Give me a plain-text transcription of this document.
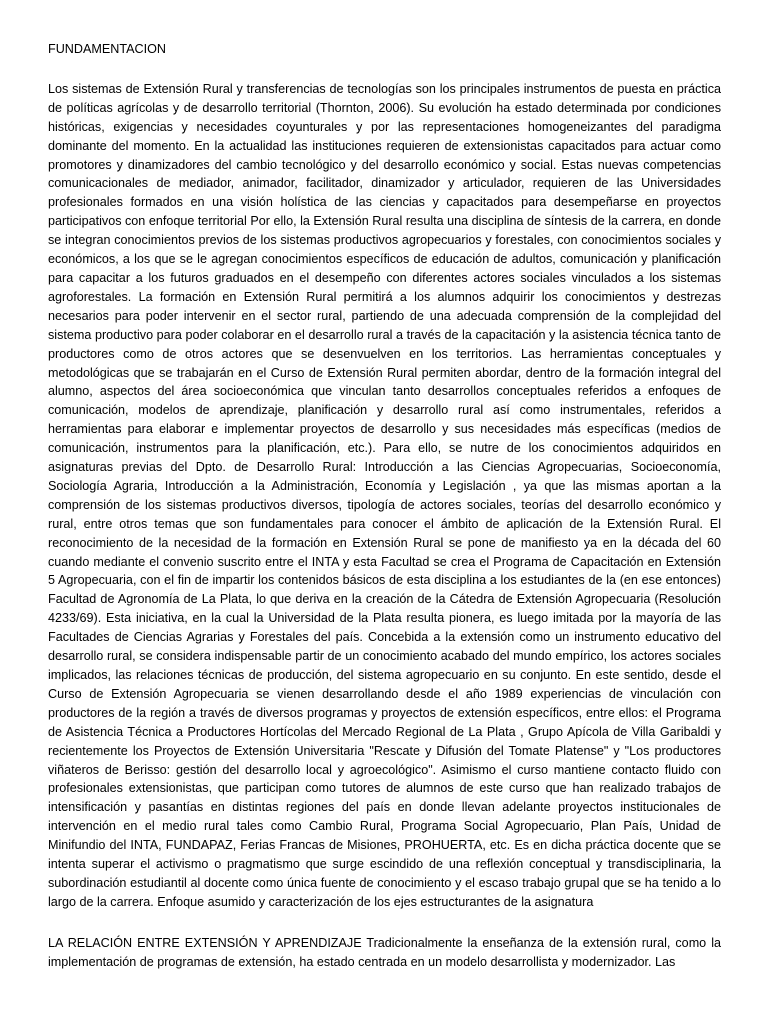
FUNDAMENTACION

Los sistemas de Extensión Rural y transferencias de tecnologías son los principales instrumentos de puesta en práctica de políticas agrícolas y de desarrollo territorial (Thornton, 2006). Su evolución ha estado determinada por condiciones históricas, exigencias y necesidades coyunturales y por las representaciones homogeneizantes del paradigma dominante del momento. En la actualidad las instituciones requieren de extensionistas capacitados para actuar como promotores y dinamizadores del cambio tecnológico y del desarrollo económico y social. Estas nuevas competencias comunicacionales de mediador, animador, facilitador, dinamizador y articulador, requieren de las Universidades profesionales formados en una visión holística de las ciencias y capacitados para desempeñarse en proyectos participativos con enfoque territorial Por ello, la Extensión Rural resulta una disciplina de síntesis de la carrera, en donde se integran conocimientos previos de los sistemas productivos agropecuarios y forestales, con conocimientos sociales y económicos, a los que se le agregan conocimientos específicos de educación de adultos, comunicación y planificación para capacitar a los futuros graduados en el desempeño con diferentes actores sociales vinculados a los sistemas agroforestales. La formación en Extensión Rural permitirá a los alumnos adquirir los conocimientos y destrezas necesarios para poder intervenir en el sector rural, partiendo de una adecuada comprensión de la complejidad del sistema productivo para poder colaborar en el desarrollo rural a través de la capacitación y la asistencia técnica tanto de productores como de otros actores que se desenvuelven en los territorios. Las herramientas conceptuales y metodológicas que se trabajarán en el Curso de Extensión Rural permiten abordar, dentro de la formación integral del alumno, aspectos del área socioeconómica que vinculan tanto desarrollos conceptuales referidos a enfoques de comunicación, modelos de aprendizaje, planificación y desarrollo rural así como instrumentales, referidos a herramientas para elaborar e implementar proyectos de desarrollo y sus necesidades más específicas (medios de comunicación, instrumentos para la planificación, etc.). Para ello, se nutre de los conocimientos adquiridos en asignaturas previas del Dpto. de Desarrollo Rural: Introducción a las Ciencias Agropecuarias, Socioeconomía, Sociología Agraria, Introducción a la Administración, Economía y Legislación , ya que las mismas aportan a la comprensión de los sistemas productivos diversos, tipología de actores sociales, teorías del desarrollo económico y rural, entre otros temas que son fundamentales para conocer el ámbito de aplicación de la Extensión Rural. El reconocimiento de la necesidad de la formación en Extensión Rural se pone de manifiesto ya en la década del 60 cuando mediante el convenio suscrito entre el INTA y esta Facultad se crea el Programa de Capacitación en Extensión 5 Agropecuaria, con el fin de impartir los contenidos básicos de esta disciplina a los estudiantes de la (en ese entonces) Facultad de Agronomía de La Plata, lo que deriva en la creación de la Cátedra de Extensión Agropecuaria (Resolución 4233/69). Esta iniciativa, en la cual la Universidad de la Plata resulta pionera, es luego imitada por la mayoría de las Facultades de Ciencias Agrarias y Forestales del país. Concebida a la extensión como un instrumento educativo del desarrollo rural, se considera indispensable partir de un conocimiento acabado del mundo empírico, los actores sociales implicados, las relaciones técnicas de producción, del sistema agropecuario en su conjunto. En este sentido, desde el Curso de Extensión Agropecuaria se vienen desarrollando desde el año 1989 experiencias de vinculación con productores de la región a través de diversos programas y proyectos de extensión específicos, entre ellos: el Programa de Asistencia Técnica a Productores Hortícolas del Mercado Regional de La Plata , Grupo Apícola de Villa Garibaldi y recientemente los Proyectos de Extensión Universitaria "Rescate y Difusión del Tomate Platense" y "Los productores viñateros de Berisso: gestión del desarrollo local y agroecológico". Asimismo el curso mantiene contacto fluido con profesionales extensionistas, que participan como tutores de alumnos de este curso que han realizado trabajos de intensificación y pasantías en distintas regiones del país en donde llevan adelante proyectos institucionales de intervención en el medio rural tales como Cambio Rural, Programa Social Agropecuario, Plan País, Unidad de Minifundio del INTA, FUNDAPAZ, Ferias Francas de Misiones, PROHUERTA, etc. Es en dicha práctica docente que se intenta superar el activismo o pragmatismo que surge escindido de una reflexión conceptual y transdisciplinaria, la subordinación estudiantil al docente como única fuente de conocimiento y el escaso trabajo grupal que se ha tenido a lo largo de la carrera. Enfoque asumido y caracterización de los ejes estructurantes de la asignatura

LA RELACIÓN ENTRE EXTENSIÓN Y APRENDIZAJE Tradicionalmente la enseñanza de la extensión rural, como la implementación de programas de extensión, ha estado centrada en un modelo desarrollista y modernizador. Las
